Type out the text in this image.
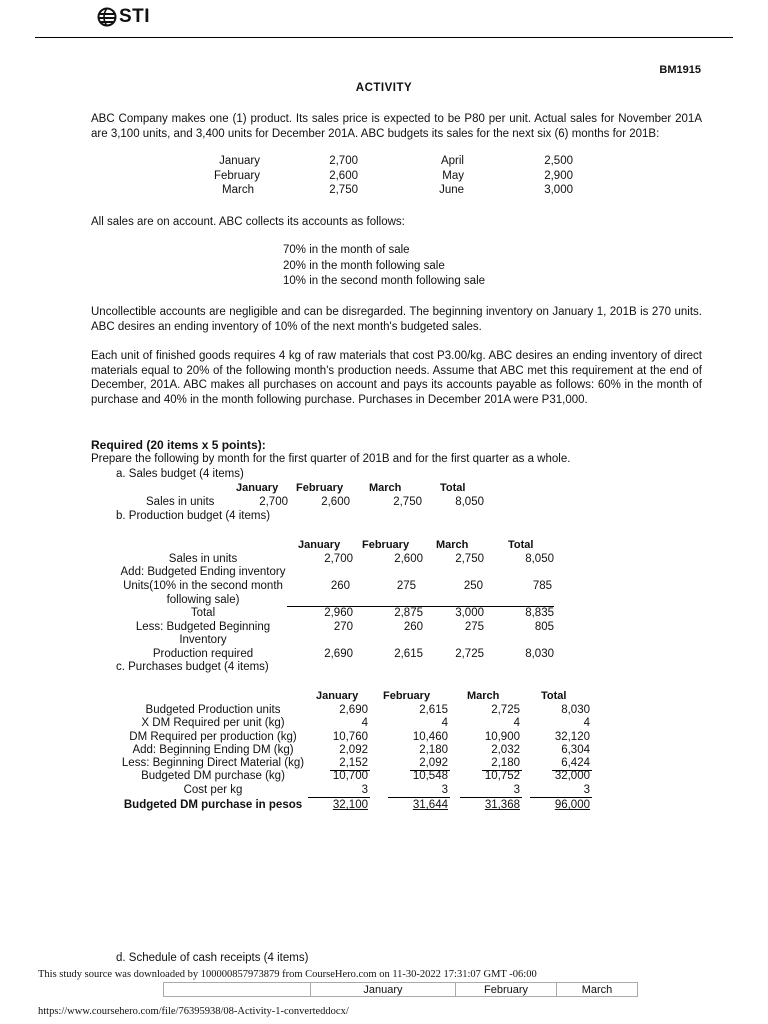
STI
BM1915
ACTIVITY
ABC Company makes one (1) product. Its sales price is expected to be P80 per unit. Actual sales for November 201A are 3,100 units, and 3,400 units for December 201A. ABC budgets its sales for the next six (6) months for 201B:
January	2,700	April	2,500
February	2,600	May	2,900
March	2,750	June	3,000
All sales are on account. ABC collects its accounts as follows:
70% in the month of sale
20% in the month following sale
10% in the second month following sale
Uncollectible accounts are negligible and can be disregarded. The beginning inventory on January 1, 201B is 270 units. ABC desires an ending inventory of 10% of the next month's budgeted sales.
Each unit of finished goods requires 4 kg of raw materials that cost P3.00/kg. ABC desires an ending inventory of direct materials equal to 20% of the following month's production needs. Assume that ABC met this requirement at the end of December, 201A. ABC makes all purchases on account and pays its accounts payable as follows: 60% in the month of purchase and 40% in the month following purchase. Purchases in December 201A were P31,000.
Required (20 items x 5 points):
Prepare the following by month for the first quarter of 201B and for the first quarter as a whole.
a. Sales budget (4 items)
January February March	Total
Sales in units	2,700	2,600	2,750	8,050
b. Production budget (4 items)
January February March	Total
Sales in units	2,700	2,600	2,750	8,050
Add: Budgeted Ending inventory
Units(10% in the second month
following sale)
260	275	250	785
Total	2,960	2,875	3,000	8,835
Less: Budgeted Beginning
Inventory
270	260	275	805
Production required	2,690	2,615	2,725	8,030
c. Purchases budget (4 items)
January February	March	Total
Budgeted Production units	2,690	2,615	2,725	8,030
X DM Required per unit (kg)	4	4	4	4
DM Required per production (kg)	10,760	10,460	10,900	32,120
Add: Beginning Ending DM (kg)	2,092	2,180	2,032	6,304
Less: Beginning Direct Material (kg)	2,152	2,092	2,180	6,424
Budgeted DM purchase (kg)	10,700	10,548	10,752	32,000
Cost per kg	3	3	3	3
Budgeted DM purchase in pesos	32,100	31,644	31,368	96,000
d. Schedule of cash receipts (4 items)
	January	February	March
This study source was downloaded by 100000857973879 from CourseHero.com on 11-30-2022 17:31:07 GMT -06:00
https://www.coursehero.com/file/76395938/08-Activity-1-converteddocx/
